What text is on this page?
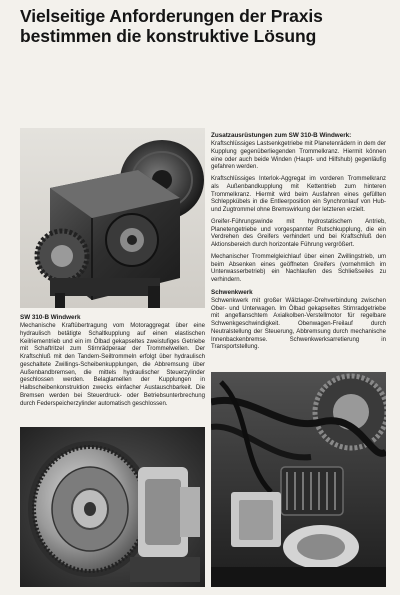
Vielseitige Anforderungen der Praxis
bestimmen die konstruktive Lösung
Zusatzausrüstungen zum SW 310-B Windwerk:

Kraftschlüssiges Lastsenkgetriebe mit Planetenrädern in dem der Kupplung gegenüberliegenden Trommelkranz. Hiermit können eine oder auch beide Winden (Haupt- und Hilfshub) gegenläufig gefahren werden.

Kraftschlüssiges Interlok-Aggregat im vorderen Trommelkranz als Außenbandkupplung mit Kettentrieb zum hinteren Trommelkranz. Hiermit wird beim Ausfahren eines gefüllten Schleppkübels in die Entleerposition ein Synchronlauf von Hub- und Zugtrommel ohne Bremswirkung der letzteren erzielt.

Greifer-Führungswinde mit hydrostatischem Antrieb, Planetengetriebe und vorgespannter Rutschkupplung, die ein Verdrehen des Greifers verhindert und bei Kraftschluß den Aktionsbereich durch horizontale Führung vergrößert.

Mechanischer Trommelgleichlauf über einen Zwillingstrieb, um beim Absenken eines geöffneten Greifers (vornehmlich im Unterwasserbetrieb) ein Nachlaufen des Schließseiles zu verhindern.

Schwenkwerk

Schwenkwerk mit großer Wälzlager-Drehverbindung zwischen Ober- und Unterwagen. Im Ölbad gekapseltes Stirnradgetriebe mit angeflanschtem Axialkolben-Verstellmotor für regelbare Schwenkgeschwindigkeit. Obenwagen-Freilauf durch Neutralstellung der Steuerung, Abbremsung durch mechanische Innenbackenbremse. Schwenkwerksarretierung in Transportstellung.

SW 310-B Windwerk

Mechanische Kraftübertragung vom Motoraggregat über eine hydraulisch betätigte Schaltkupplung auf einen elastischen Keilriementrieb und ein im Ölbad gekapseltes zweistufiges Getriebe mit Schaftritzel zum Stirnrädperaar der Trommelwellen. Der Kraftschluß mit den Tandem-Seiltrommeln erfolgt über hydraulisch geschaltete Zwillings-Scheibenkupplungen, die Abbremsung über Außenbandbremsen, die mittels hydraulischer Steuerzylinder geschlossen werden. Belaglamellen der Kupplungen in Halbscheibenkonstruktion zwecks einfacher Austauschbarkeit. Die Bremsen werden bei Steuerdruck- oder Betriebsunterbrechung durch Federspeicherzylinder automatisch geschlossen.
